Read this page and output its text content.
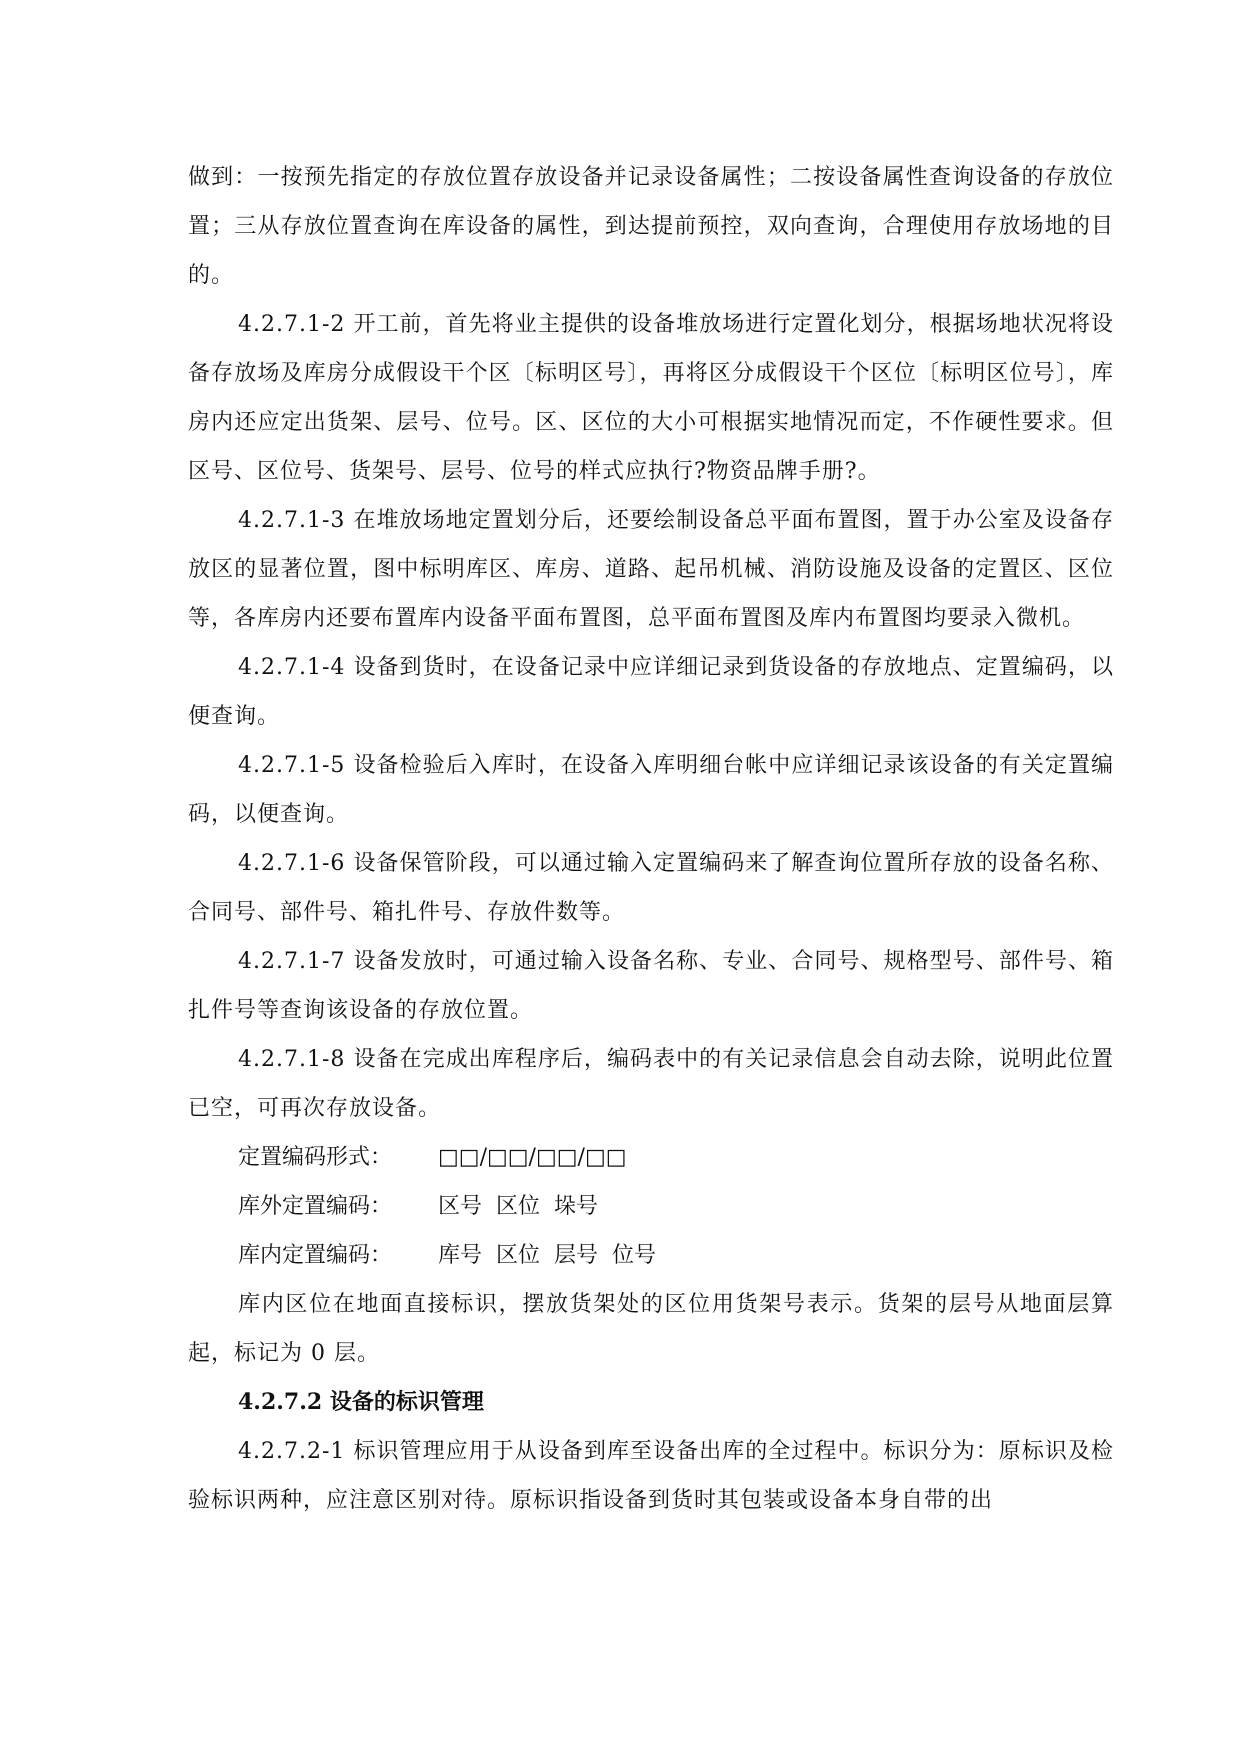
做到：一按预先指定的存放位置存放设备并记录设备属性；二按设备属性查询设备的存放位置；三从存放位置查询在库设备的属性，到达提前预控，双向查询，合理使用存放场地的目的。

4.2.7.1-2 开工前，首先将业主提供的设备堆放场进行定置化划分，根据场地状况将设备存放场及库房分成假设干个区〔标明区号〕，再将区分成假设干个区位〔标明区位号〕，库房内还应定出货架、层号、位号。区、区位的大小可根据实地情况而定，不作硬性要求。但区号、区位号、货架号、层号、位号的样式应执行?物资品牌手册?。

4.2.7.1-3 在堆放场地定置划分后，还要绘制设备总平面布置图，置于办公室及设备存放区的显著位置，图中标明库区、库房、道路、起吊机械、消防设施及设备的定置区、区位等，各库房内还要布置库内设备平面布置图，总平面布置图及库内布置图均要录入微机。

4.2.7.1-4 设备到货时，在设备记录中应详细记录到货设备的存放地点、定置编码，以便查询。

4.2.7.1-5 设备检验后入库时，在设备入库明细台帐中应详细记录该设备的有关定置编码，以便查询。

4.2.7.1-6 设备保管阶段，可以通过输入定置编码来了解查询位置所存放的设备名称、合同号、部件号、箱扎件号、存放件数等。

4.2.7.1-7 设备发放时，可通过输入设备名称、专业、合同号、规格型号、部件号、箱扎件号等查询该设备的存放位置。

4.2.7.1-8 设备在完成出库程序后，编码表中的有关记录信息会自动去除，说明此位置已空，可再次存放设备。

定置编码形式：	□□/□□/□□/□□
库外定置编码：	区号  区位  垛号
库内定置编码：	库号  区位  层号  位号

库内区位在地面直接标识，摆放货架处的区位用货架号表示。货架的层号从地面层算起，标记为 0 层。

4.2.7.2 设备的标识管理

4.2.7.2-1 标识管理应用于从设备到库至设备出库的全过程中。标识分为：原标识及检验标识两种，应注意区别对待。原标识指设备到货时其包装或设备本身自带的出
